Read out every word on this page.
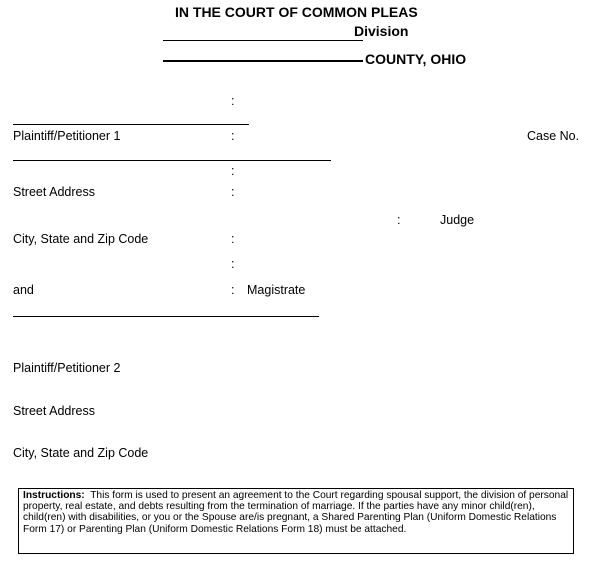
IN THE COURT OF COMMON PLEAS
Division
COUNTY, OHIO
:
Plaintiff/Petitioner 1	:	Case No.
:
Street Address	:
:	Judge
City, State and Zip Code	:
:
and	: Magistrate
Plaintiff/Petitioner 2
Street Address
City, State and Zip Code
Instructions: This form is used to present an agreement to the Court regarding spousal support, the division of personal property, real estate, and debts resulting from the termination of marriage. If the parties have any minor child(ren), child(ren) with disabilities, or you or the Spouse are/is pregnant, a Shared Parenting Plan (Uniform Domestic Relations Form 17) or Parenting Plan (Uniform Domestic Relations Form 18) must be attached.
